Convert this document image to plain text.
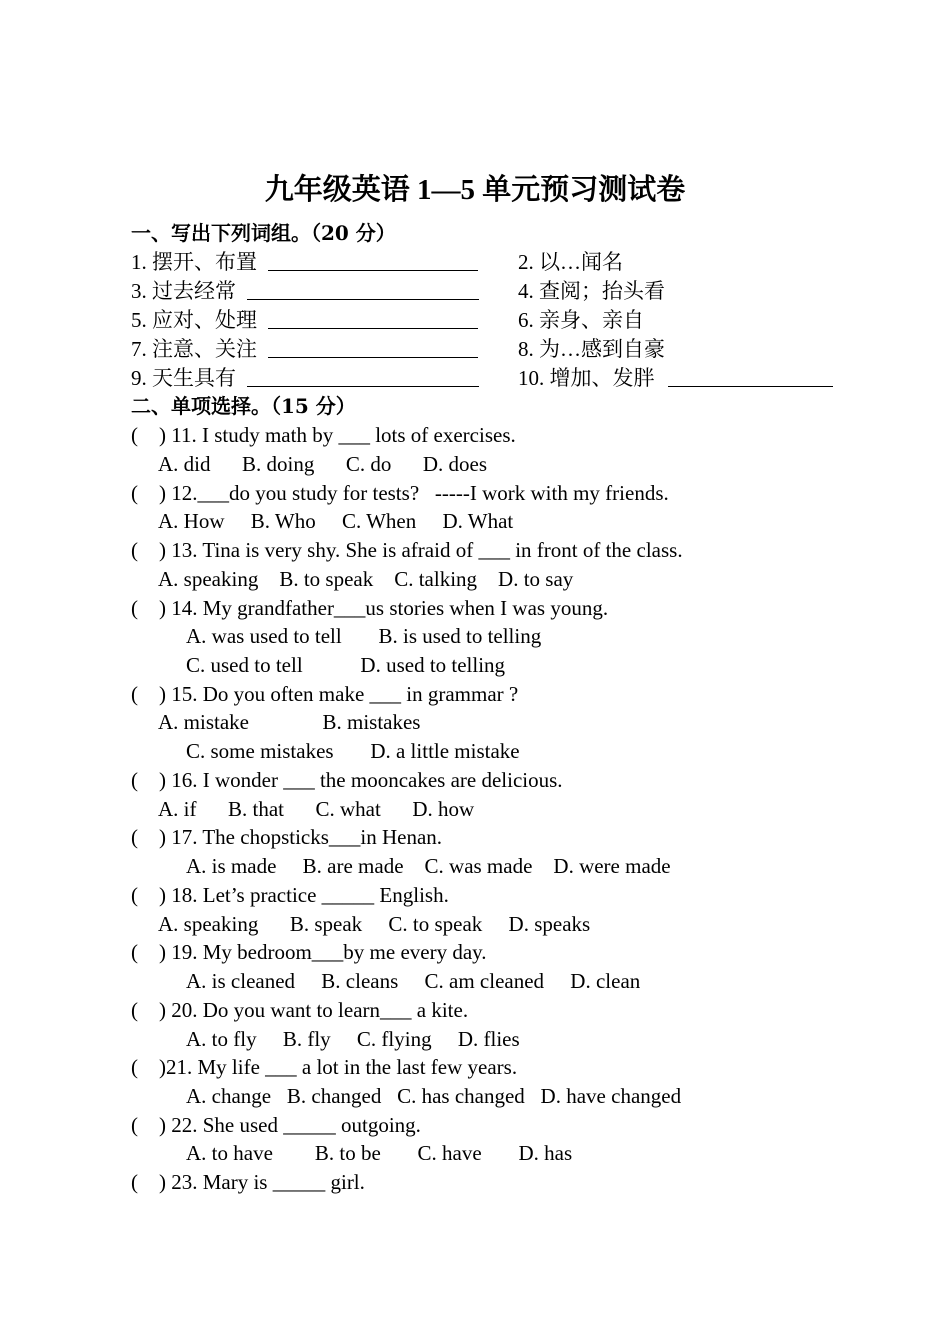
九年级英语 1—5 单元预习测试卷
一、写出下列词组。（20 分）
1. 摆开、布置	2. 以…闻名
3. 过去经常	4. 查阅；抬头看
5. 应对、处理	6. 亲身、亲自
7. 注意、关注	8. 为…感到自豪
9. 天生具有	10. 增加、发胖
二、单项选择。（15 分）
(    ) 11. I study math by ___ lots of exercises.
A. did      B. doing      C. do      D. does
(    ) 12.___do you study for tests?   -----I work with my friends.
A. How     B. Who     C. When     D. What
(    ) 13. Tina is very shy. She is afraid of ___ in front of the class.
A. speaking    B. to speak    C. talking    D. to say
(    ) 14. My grandfather___us stories when I was young.
A. was used to tell       B. is used to telling
C. used to tell           D. used to telling
(    ) 15. Do you often make ___ in grammar ?
A. mistake              B. mistakes
C. some mistakes       D. a little mistake
(    ) 16. I wonder ___ the mooncakes are delicious.
A. if      B. that      C. what      D. how
(    ) 17. The chopsticks___in Henan.
A. is made     B. are made    C. was made    D. were made
(    ) 18. Let’s practice _____ English.
A. speaking      B. speak     C. to speak     D. speaks
(    ) 19. My bedroom___by me every day.
A. is cleaned     B. cleans     C. am cleaned     D. clean
(    ) 20. Do you want to learn___ a kite.
A. to fly     B. fly     C. flying     D. flies
(    )21. My life ___ a lot in the last few years.
A. change   B. changed   C. has changed   D. have changed
(    ) 22. She used _____ outgoing.
A. to have        B. to be       C. have       D. has
(    ) 23. Mary is _____ girl.
